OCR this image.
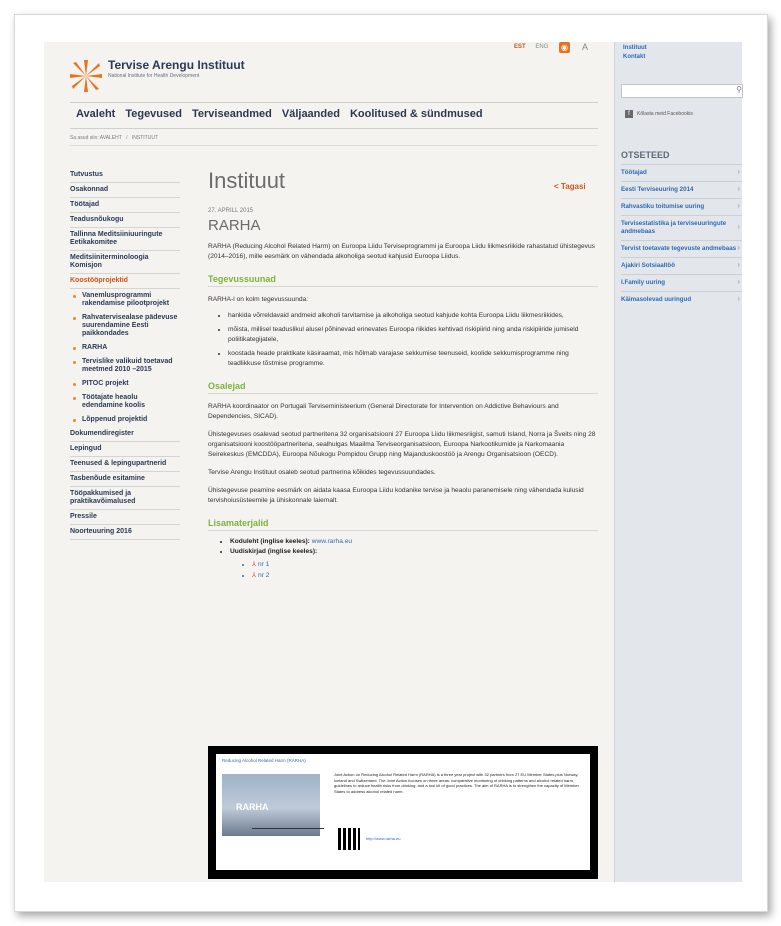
Tervise Arengu Instituut
National Institute for Health Development
EST ENG	◉ A
Avaleht Tegevused Terviseandmed Väljaanded Koolitused & sündmused
Sa asud siin: AVALEHT / INSTITUUT
Tutvustus
Osakonnad
Töötajad
Teadusnõukogu
Tallinna Meditsiiniuuringute Eetikakomitee
Meditsiiniterminoloogia Komisjon
Koostööprojektid
Vanemlusprogrammi rakendamise pilootprojekt
Rahvatervisealase pädevuse suurendamine Eesti paikkondades
RARHA
Tervislike valikuid toetavad meetmed 2010 –2015
PITOC projekt
Töötajate heaolu edendamine koolis
Lõppenud projektid
Dokumendiregister
Lepingud
Teenused & lepingupartnerid
Tasbenõude esitamine
Tööpakkumised ja praktikavõimalused
Pressile
Noorteuuring 2016
Instituut	< Tagasi
27. APRILL 2015
RARHA
RARHA (Reducing Alcohol Related Harm) on Euroopa Liidu Terviseprogrammi ja Euroopa Liidu liikmesriikide rahastatud ühistegevus (2014–2016), mille eesmärk on vähendada alkoholiga seotud kahjusid Euroopa Liidus.
Tegevussuunad
RARHA-l on kolm tegevussuunda:
• hankida võrreldavaid andmeid alkoholi tarvitamise ja alkoholiga seotud kahjude kohta Euroopa Liidu liikmesriikides,
• mõista, millisel teaduslikul alusel põhinevad erinevates Euroopa riikides kehtivad riskipiirid ning anda riskipiiride jumiseld poliitikategijatele,
• koostada heade praktikate käsiraamat, mis hõlmab varajase sekkumise teenuseid, koolide sekkumisprogramme ning teadlikkuse tõstmise programme.
Osalejad
RARHA koordinaator on Portugali Terviseministeerium (General Directorate for Intervention on Addictive Behaviours and Dependencies, SICAD).
Ühistegevuses osalevad seotud partneritena 32 organisatsiooni 27 Euroopa Liidu liikmesriigist, samuti Island, Norra ja Šveits ning 28 organisatsiooni koostööpartneritena, sealhulgas Maailma Terviseorganisatsioon, Euroopa Narkootikumide ja Narkomaania Seirekeskus (EMCDDA), Euroopa Nõukogu Pompidou Grupp ning Majanduskoostöö ja Arengu Organisatsioon (OECD).
Tervise Arengu Instituut osaleb seotud partnerina kõikides tegevussuundades.
Ühistegevuse peamine eesmärk on aidata kaasa Euroopa Liidu kodanike tervise ja heaolu paranemisele ning vähendada kulusid tervishoiusüsteemile ja ühiskonnale laiemalt.
Lisamaterjalid
• Koduleht (inglise keeles): www.rarha.eu
• Uudiskirjad (inglise keeles):
• ⅄ nr 1
• ⅄ nr 2
Reducing Alcohol Related Harm (RARHA)
RARHA
Joint Action on Reducing Alcohol Related Harm (RARHA) is a three year project with 32 partners from 27 EU Member States plus Norway, Iceland and Switzerland. The Joint Action focuses on three areas: comparative monitoring of drinking patterns and alcohol related harm, guidelines to reduce health risks from drinking, and a tool kit of good practices. The aim of RARHA is to strengthen the capacity of Member States to address alcohol related harm.
http://www.rarha.eu
Instituut
Kontakt
⚲
f Kõlasta meid Facebookis
OTSETEED
Töötajad	›
Eesti Terviseuuring 2014	›
Rahvastiku toitumise uuring	›
Tervisestatistika ja terviseuuringute andmebaas
›
Tervist toetavate tegevuste andmebaas ›
Ajakiri Sotsiaaltöö	›
I.Family uuring	›
Käimasolevad uuringud	›
